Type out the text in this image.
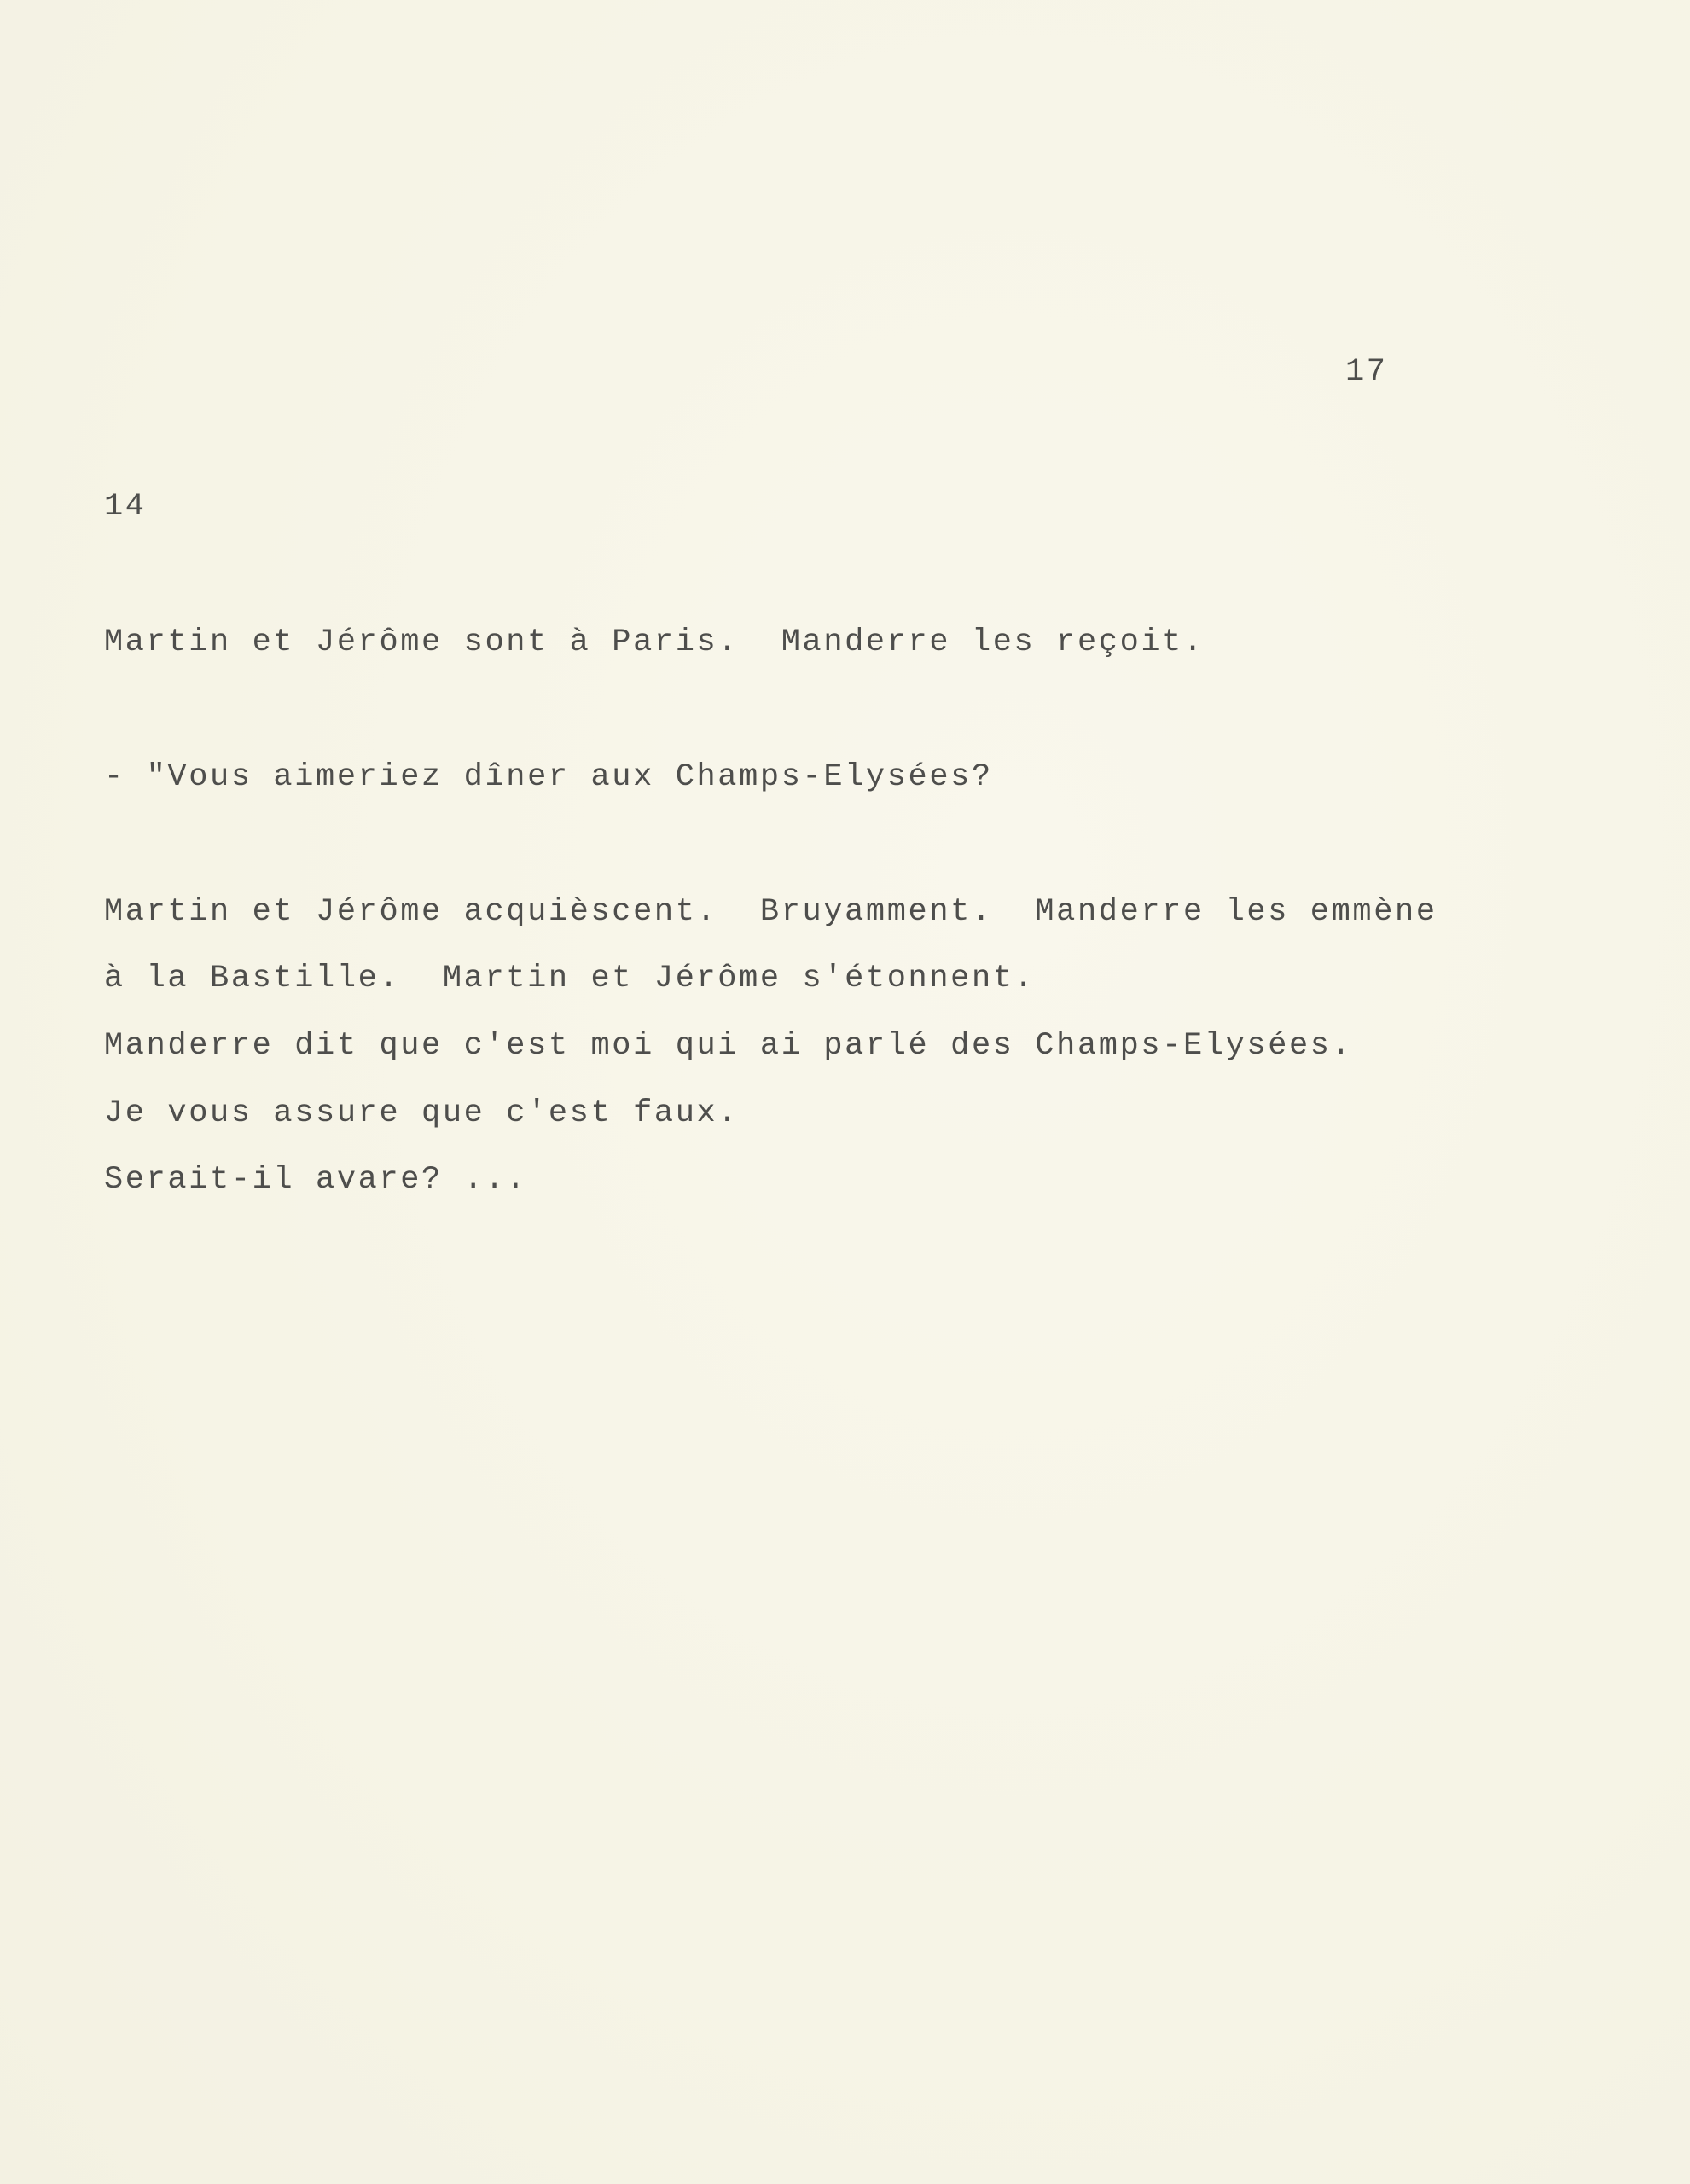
17
14
Martin et Jérôme sont à Paris.  Manderre les reçoit.
- "Vous aimeriez dîner aux Champs-Elysées?
Martin et Jérôme acquièscent.  Bruyamment.  Manderre les emmène
à la Bastille.  Martin et Jérôme s'étonnent.
Manderre dit que c'est moi qui ai parlé des Champs-Elysées.
Je vous assure que c'est faux.
Serait-il avare? ...
